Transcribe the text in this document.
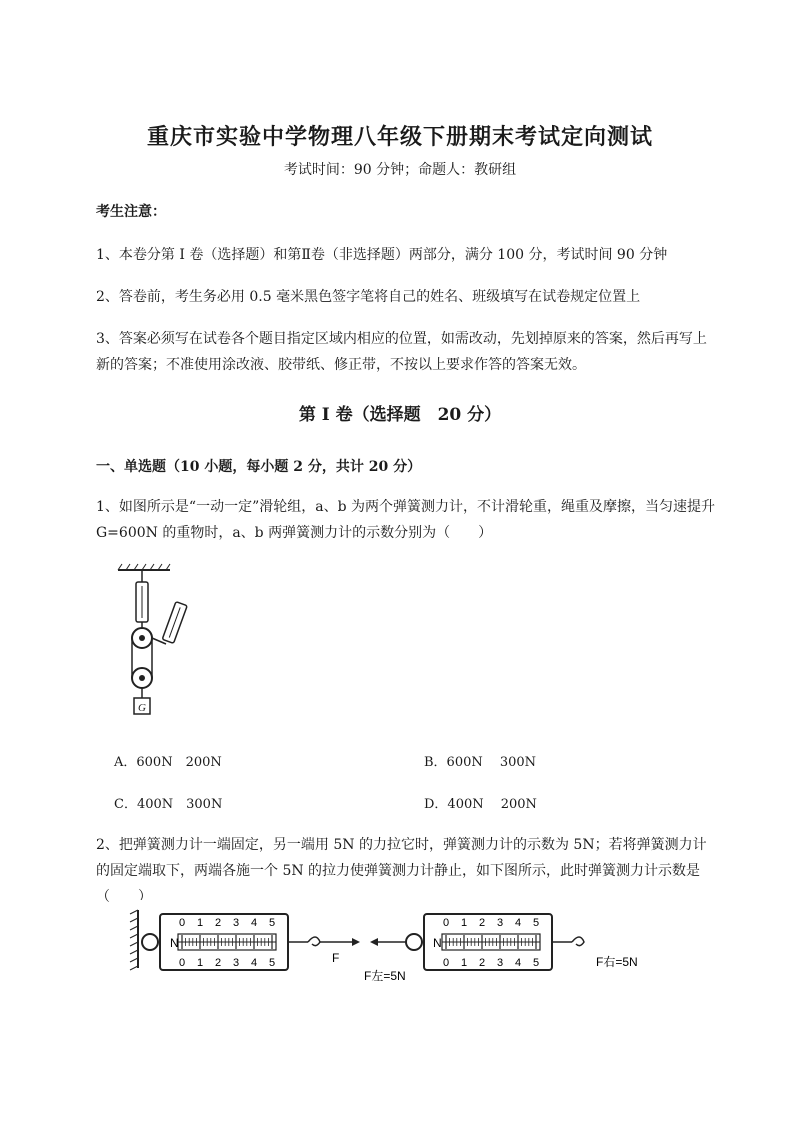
重庆市实验中学物理八年级下册期末考试定向测试
考试时间：90 分钟；命题人：教研组
考生注意：
1、本卷分第 I 卷（选择题）和第Ⅱ卷（非选择题）两部分，满分 100 分，考试时间 90 分钟
2、答卷前，考生务必用 0.5 毫米黑色签字笔将自己的姓名、班级填写在试卷规定位置上
3、答案必须写在试卷各个题目指定区域内相应的位置，如需改动，先划掉原来的答案，然后再写上新的答案；不准使用涂改液、胶带纸、修正带，不按以上要求作答的答案无效。
第 I 卷（选择题　20 分）
一、单选题（10 小题，每小题 2 分，共计 20 分）
1、如图所示是“一动一定”滑轮组，a、b 为两个弹簧测力计，不计滑轮重，绳重及摩擦，当匀速提升 G=600N 的重物时，a、b 两弹簧测力计的示数分别为（　　）
G
A．600N　200N	B．600N　 300N
C．400N　300N	D．400N　 200N
2、把弹簧测力计一端固定，另一端用 5N 的力拉它时，弹簧测力计的示数为 5N；若将弹簧测力计的固定端取下，两端各施一个 5N 的拉力使弹簧测力计静止，如下图所示，此时弹簧测力计示数是（　　）
0
0
1
1
2
2
3
3
4
4
5
5
N
F
0
0
1
1
2
2
3
3
4
4
5
5
N
F左=5N
F右=5N
